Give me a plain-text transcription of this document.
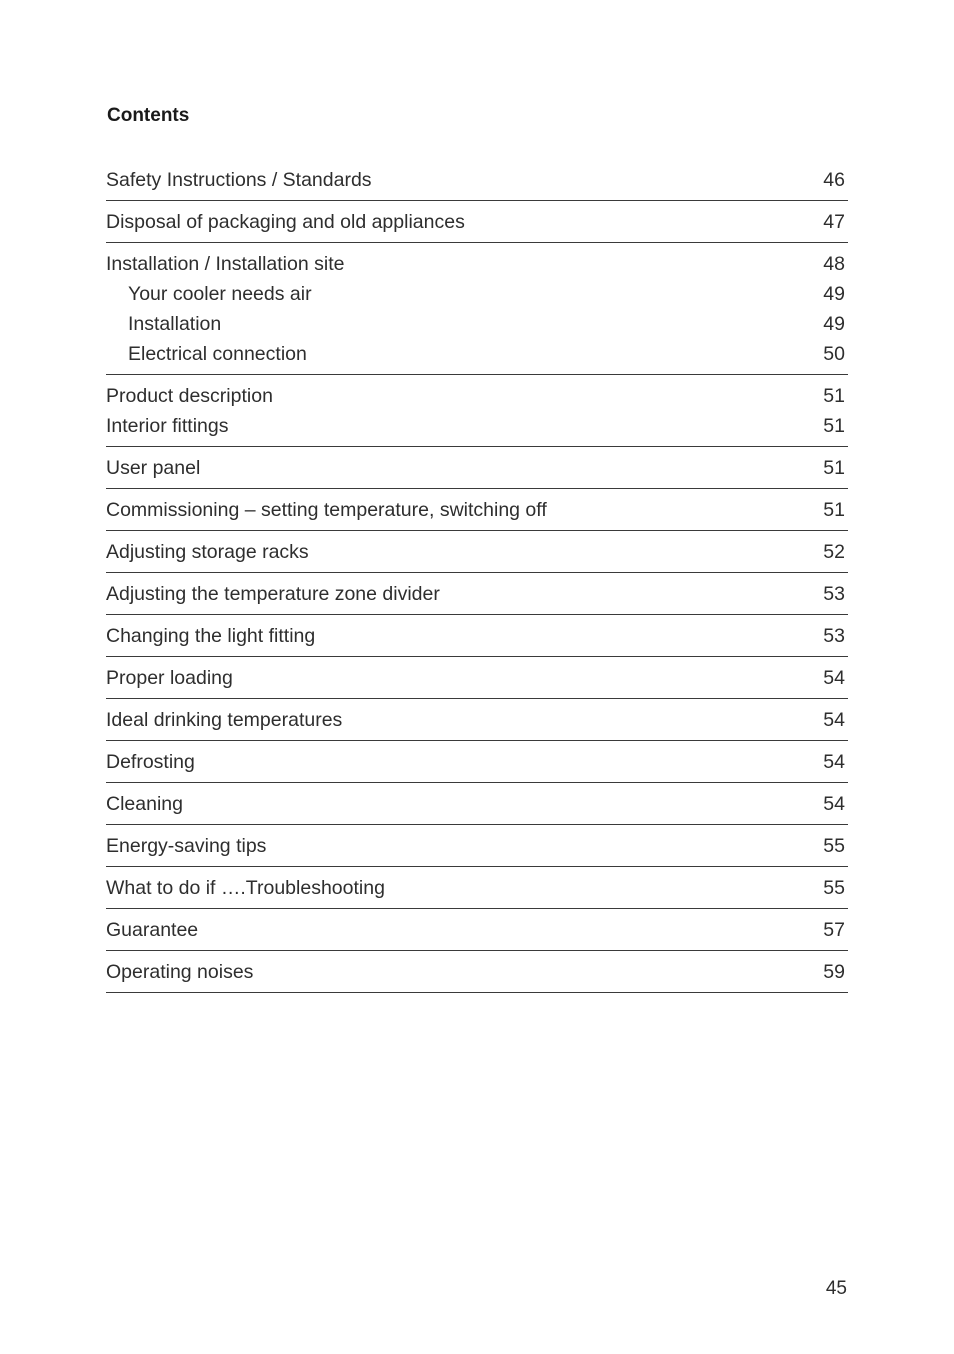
Contents
Safety Instructions / Standards	46
Disposal of packaging and old appliances	47
Installation / Installation site	48
Your cooler needs air	49
Installation	49
Electrical connection	50
Product description	51
Interior fittings	51
User panel	51
Commissioning – setting temperature, switching off	51
Adjusting storage racks	52
Adjusting the temperature zone divider	53
Changing the light fitting	53
Proper loading	54
Ideal drinking temperatures	54
Defrosting	54
Cleaning	54
Energy-saving tips	55
What to do if ….Troubleshooting	55
Guarantee	57
Operating noises	59
45
